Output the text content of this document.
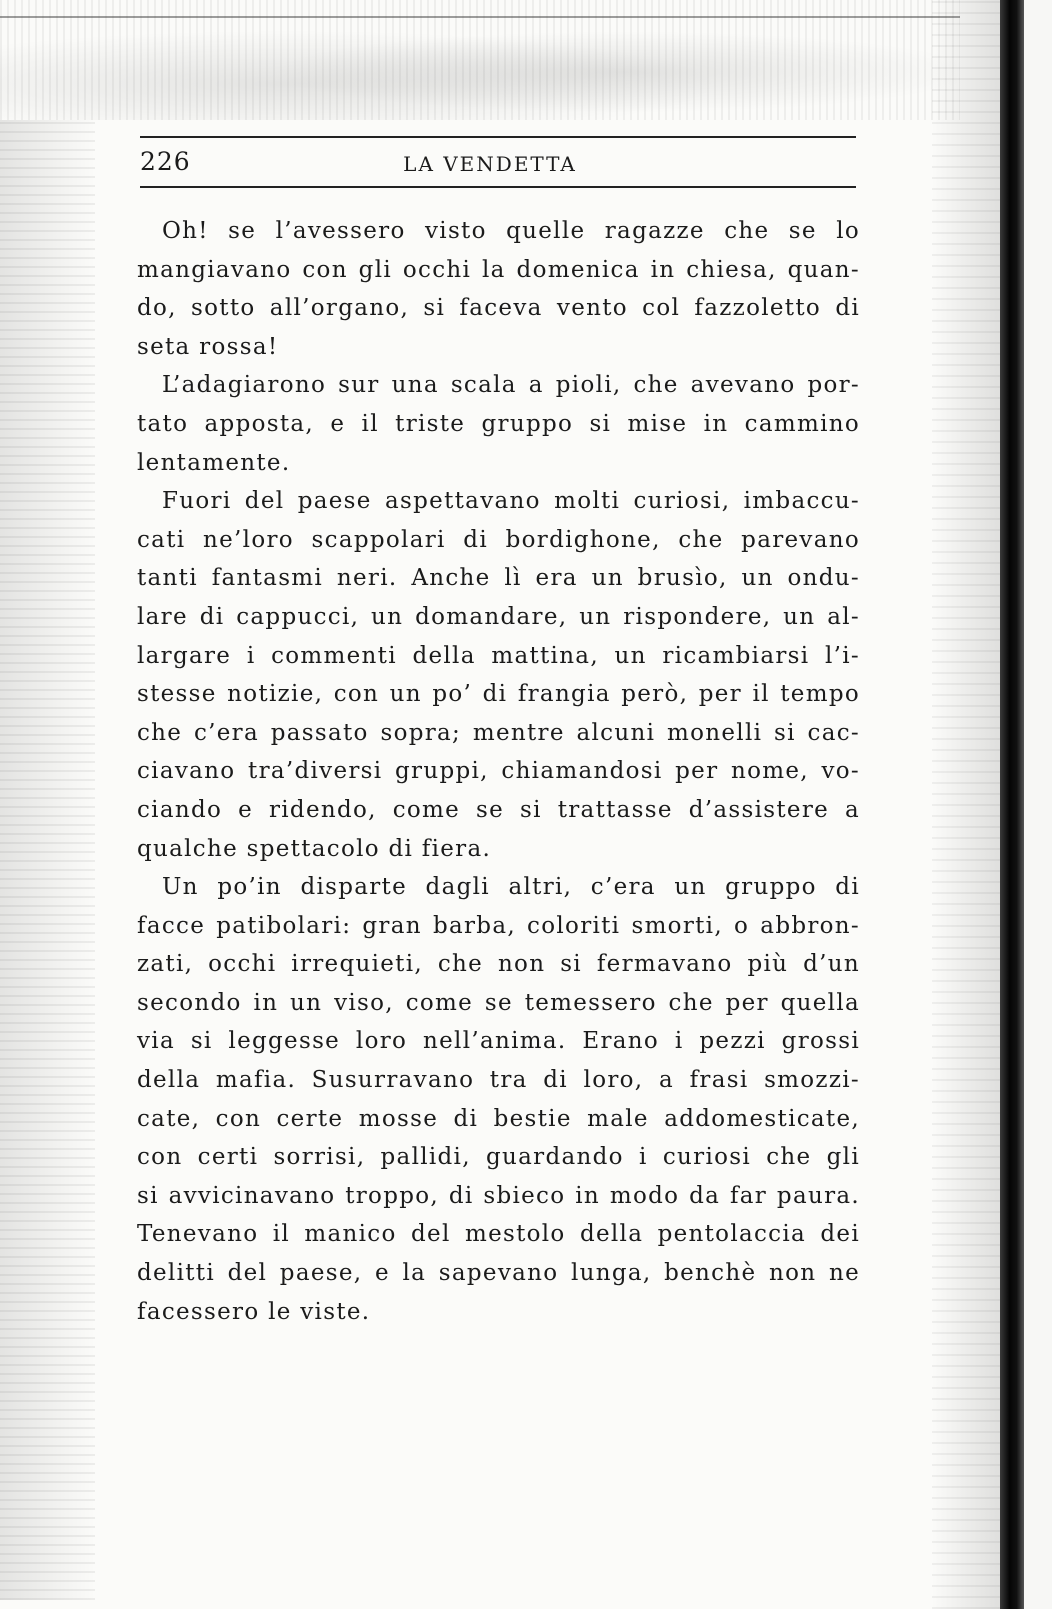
226	LA VENDETTA
Oh! se l’avessero visto quelle ragazze che se lo
mangiavano con gli occhi la domenica in chiesa, quan-
do, sotto all’organo, si faceva vento col fazzoletto di
seta rossa!
L’adagiarono sur una scala a pioli, che avevano por-
tato apposta, e il triste gruppo si mise in cammino
lentamente.
Fuori del paese aspettavano molti curiosi, imbaccu-
cati ne’loro scappolari di bordighone, che parevano
tanti fantasmi neri. Anche lì era un brusìo, un ondu-
lare di cappucci, un domandare, un rispondere, un al-
largare i commenti della mattina, un ricambiarsi l’i-
stesse notizie, con un po’ di frangia però, per il tempo
che c’era passato sopra; mentre alcuni monelli si cac-
ciavano tra’diversi gruppi, chiamandosi per nome, vo-
ciando e ridendo, come se si trattasse d’assistere a
qualche spettacolo di fiera.
Un po’in disparte dagli altri, c’era un gruppo di
facce patibolari: gran barba, coloriti smorti, o abbron-
zati, occhi irrequieti, che non si fermavano più d’un
secondo in un viso, come se temessero che per quella
via si leggesse loro nell’anima. Erano i pezzi grossi
della mafia. Susurravano tra di loro, a frasi smozzi-
cate, con certe mosse di bestie male addomesticate,
con certi sorrisi, pallidi, guardando i curiosi che gli
si avvicinavano troppo, di sbieco in modo da far paura.
Tenevano il manico del mestolo della pentolaccia dei
delitti del paese, e la sapevano lunga, benchè non ne
facessero le viste.
